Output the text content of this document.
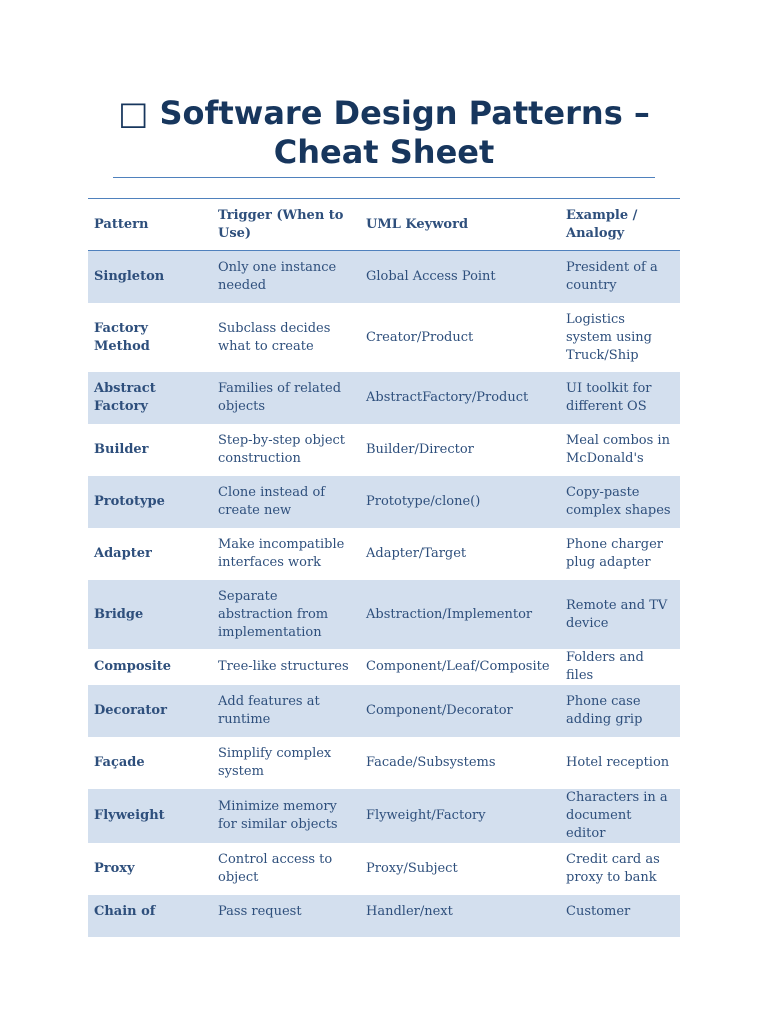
□ Software Design Patterns – Cheat Sheet
Pattern	Trigger (When to Use)	UML Keyword	Example / Analogy
Singleton	Only one instance needed	Global Access Point	President of a country
Factory Method	Subclass decides what to create	Creator/Product	Logistics system using Truck/Ship
Abstract Factory	Families of related objects	AbstractFactory/Product	UI toolkit for different OS
Builder	Step-by-step object construction	Builder/Director	Meal combos in McDonald's
Prototype	Clone instead of create new	Prototype/clone()	Copy-paste complex shapes
Adapter	Make incompatible interfaces work	Adapter/Target	Phone charger plug adapter
Bridge	Separate abstraction from implementation	Abstraction/Implementor	Remote and TV device
Composite	Tree-like structures	Component/Leaf/Composite	Folders and files
Decorator	Add features at runtime	Component/Decorator	Phone case adding grip
Façade	Simplify complex system	Facade/Subsystems	Hotel reception
Flyweight	Minimize memory for similar objects	Flyweight/Factory	Characters in a document editor
Proxy	Control access to object	Proxy/Subject	Credit card as proxy to bank
Chain of	Pass request	Handler/next	Customer
